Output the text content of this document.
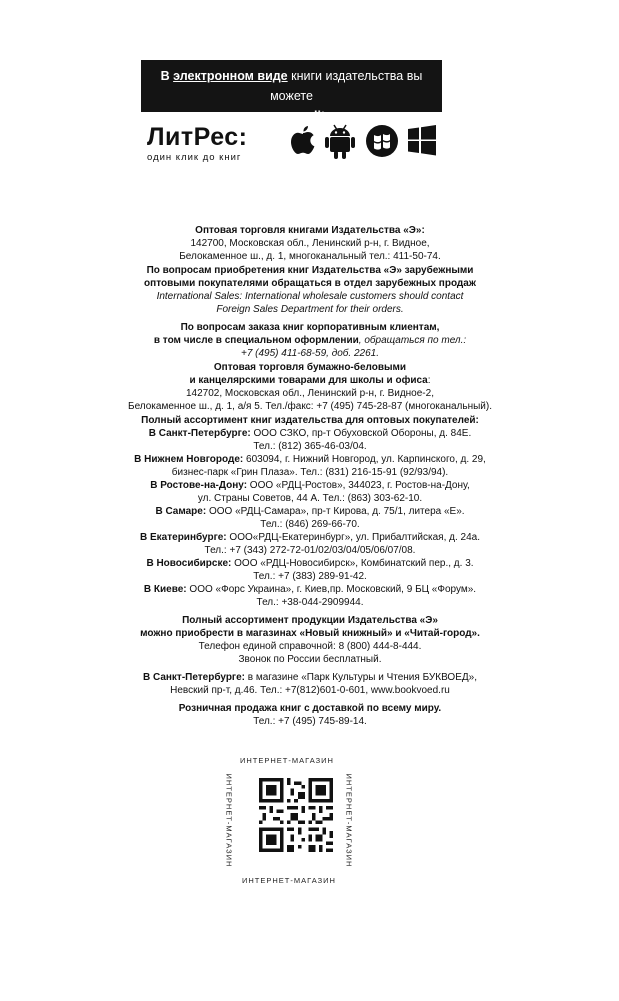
В электронном виде книги издательства вы можете
купить на www.litres.ru
ЛитРес:
один клик до книг

Оптовая торговля книгами Издательства «Э»:

142700, Московская обл., Ленинский р-н, г. Видное,

Белокаменное ш., д. 1, многоканальный тел.: 411-50-74.

По вопросам приобретения книг Издательства «Э» зарубежными

оптовыми покупателями обращаться в отдел зарубежных продаж

International Sales: International wholesale customers should contact

Foreign Sales Department for their orders.

По вопросам заказа книг корпоративным клиентам,

в том числе в специальном оформлении, обращаться по тел.:

+7 (495) 411-68-59, доб. 2261.

Оптовая торговля бумажно-беловыми

и канцелярскими товарами для школы и офиса:

142702, Московская обл., Ленинский р-н, г. Видное-2,

Белокаменное ш., д. 1, а/я 5. Тел./факс: +7 (495) 745-28-87 (многоканальный).

Полный ассортимент книг издательства для оптовых покупателей:

В Санкт-Петербурге: ООО СЗКО, пр-т Обуховской Обороны, д. 84Е.

Тел.: (812) 365-46-03/04.

В Нижнем Новгороде: 603094, г. Нижний Новгород, ул. Карпинского, д. 29,

бизнес-парк «Грин Плаза». Тел.: (831) 216-15-91 (92/93/94).

В Ростове-на-Дону: ООО «РДЦ-Ростов», 344023, г. Ростов-на-Дону,

ул. Страны Советов, 44 А. Тел.: (863) 303-62-10.

В Самаре: ООО «РДЦ-Самара», пр-т Кирова, д. 75/1, литера «Е».

Тел.: (846) 269-66-70.

В Екатеринбурге: ООО«РДЦ-Екатеринбург», ул. Прибалтийская, д. 24а.

Тел.: +7 (343) 272-72-01/02/03/04/05/06/07/08.

В Новосибирске: ООО «РДЦ-Новосибирск», Комбинатский пер., д. 3.

Тел.: +7 (383) 289-91-42.

В Киеве: ООО «Форс Украина», г. Киев,пр. Московский, 9 БЦ «Форум».

Тел.: +38-044-2909944.

Полный ассортимент продукции Издательства «Э»

можно приобрести в магазинах «Новый книжный» и «Читай-город».

Телефон единой справочной: 8 (800) 444-8-444.

Звонок по России бесплатный.

В Санкт-Петербурге: в магазине «Парк Культуры и Чтения БУКВОЕД»,

Невский пр-т, д.46. Тел.: +7(812)601-0-601, www.bookvoed.ru

Розничная продажа книг с доставкой по всему миру.

Тел.: +7 (495) 745-89-14.

ИНТЕРНЕТ-МАГАЗИН
ИНТЕРНЕТ-МАГАЗИН
ИНТЕРНЕТ-МАГАЗИН	ИНТЕРНЕТ-МАГАЗИН
